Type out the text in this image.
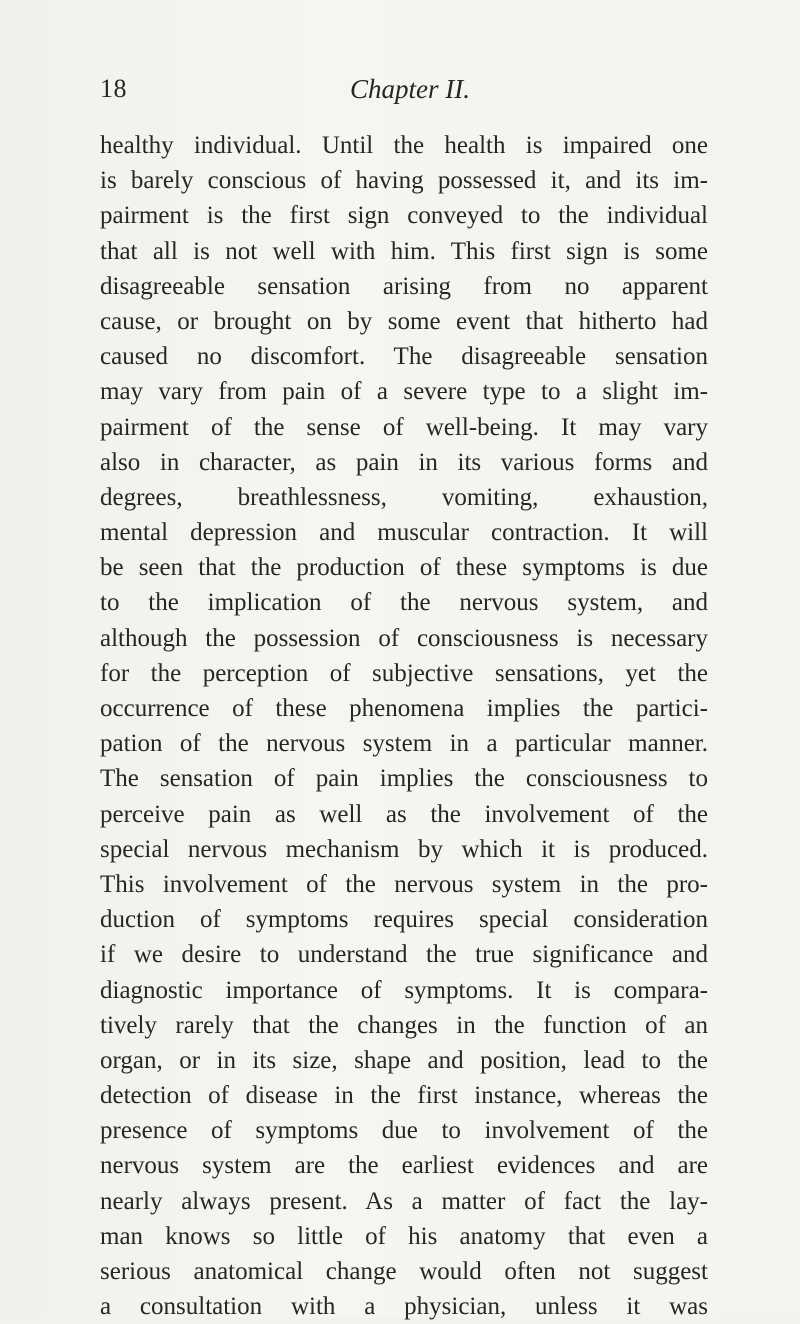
18	Chapter II.
healthy individual. Until the health is impaired one
is barely conscious of having possessed it, and its im-
pairment is the first sign conveyed to the individual
that all is not well with him. This first sign is some
disagreeable sensation arising from no apparent
cause, or brought on by some event that hitherto had
caused no discomfort. The disagreeable sensation
may vary from pain of a severe type to a slight im-
pairment of the sense of well-being. It may vary
also in character, as pain in its various forms and
degrees, breathlessness, vomiting, exhaustion,
mental depression and muscular contraction. It will
be seen that the production of these symptoms is due
to the implication of the nervous system, and
although the possession of consciousness is necessary
for the perception of subjective sensations, yet the
occurrence of these phenomena implies the partici-
pation of the nervous system in a particular manner.
The sensation of pain implies the consciousness to
perceive pain as well as the involvement of the
special nervous mechanism by which it is produced.
This involvement of the nervous system in the pro-
duction of symptoms requires special consideration
if we desire to understand the true significance and
diagnostic importance of symptoms. It is compara-
tively rarely that the changes in the function of an
organ, or in its size, shape and position, lead to the
detection of disease in the first instance, whereas the
presence of symptoms due to involvement of the
nervous system are the earliest evidences and are
nearly always present. As a matter of fact the lay-
man knows so little of his anatomy that even a
serious anatomical change would often not suggest
a consultation with a physician, unless it was
